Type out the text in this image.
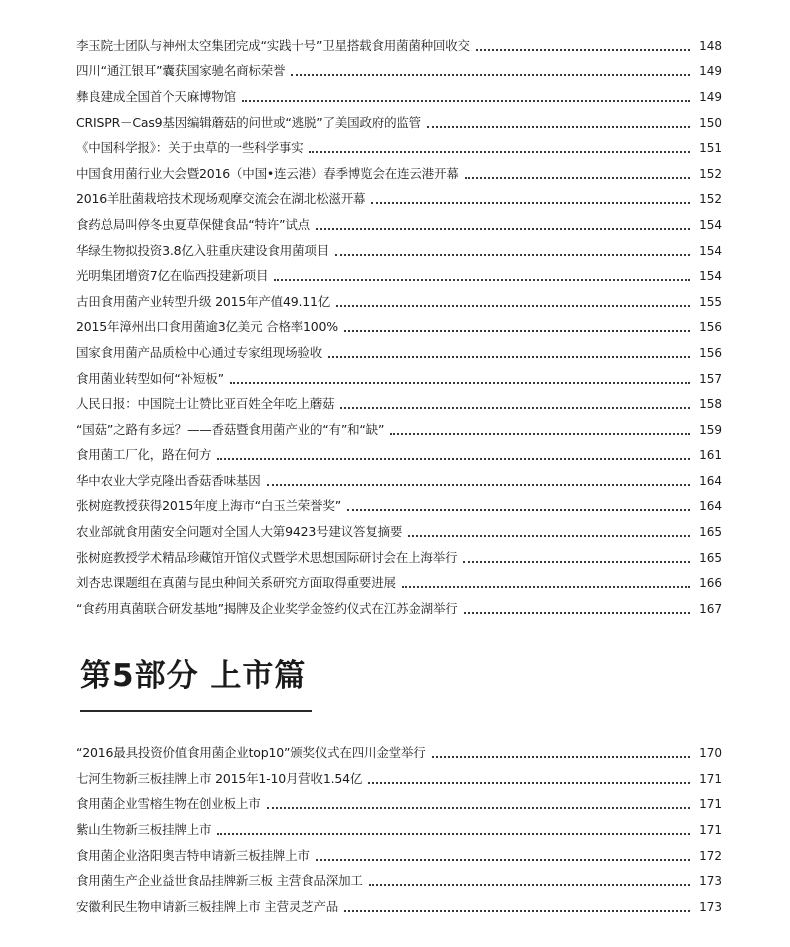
李玉院士团队与神州太空集团完成“实践十号”卫星搭载食用菌菌种回收交	148
四川“通江银耳”囊获国家驰名商标荣誉	149
彝良建成全国首个天麻博物馆	149
CRISPR－Cas9基因编辑蘑菇的问世或“逃脱”了美国政府的监管	150
《中国科学报》：关于虫草的一些科学事实	151
中国食用菌行业大会暨2016（中国•连云港）春季博览会在连云港开幕	152
2016羊肚菌栽培技术现场观摩交流会在湖北松滋开幕	152
食药总局叫停冬虫夏草保健食品“特许”试点	154
华绿生物拟投资3.8亿入驻重庆建设食用菌项目	154
光明集团增资7亿在临西投建新项目	154
古田食用菌产业转型升级 2015年产值49.11亿	155
2015年漳州出口食用菌逾3亿美元 合格率100%	156
国家食用菌产品质检中心通过专家组现场验收	156
食用菌业转型如何“补短板”	157
人民日报：中国院士让赞比亚百姓全年吃上蘑菇	158
“国菇”之路有多远？——香菇暨食用菌产业的“有”和“缺”	159
食用菌工厂化，路在何方	161
华中农业大学克隆出香菇香味基因	164
张树庭教授获得2015年度上海市“白玉兰荣誉奖”	164
农业部就食用菌安全问题对全国人大第9423号建议答复摘要	165
张树庭教授学术精品珍藏馆开馆仪式暨学术思想国际研讨会在上海举行	165
刘杏忠课题组在真菌与昆虫种间关系研究方面取得重要进展	166
“食药用真菌联合研发基地”揭牌及企业奖学金签约仪式在江苏金湖举行	167
第5部分 上市篇
“2016最具投资价值食用菌企业top10”颁奖仪式在四川金堂举行	170
七河生物新三板挂牌上市 2015年1-10月营收1.54亿	171
食用菌企业雪榕生物在创业板上市	171
紫山生物新三板挂牌上市	171
食用菌企业洛阳奥吉特申请新三板挂牌上市	172
食用菌生产企业益世食品挂牌新三板 主营食品深加工	173
安徽利民生物申请新三板挂牌上市 主营灵芝产品	173
